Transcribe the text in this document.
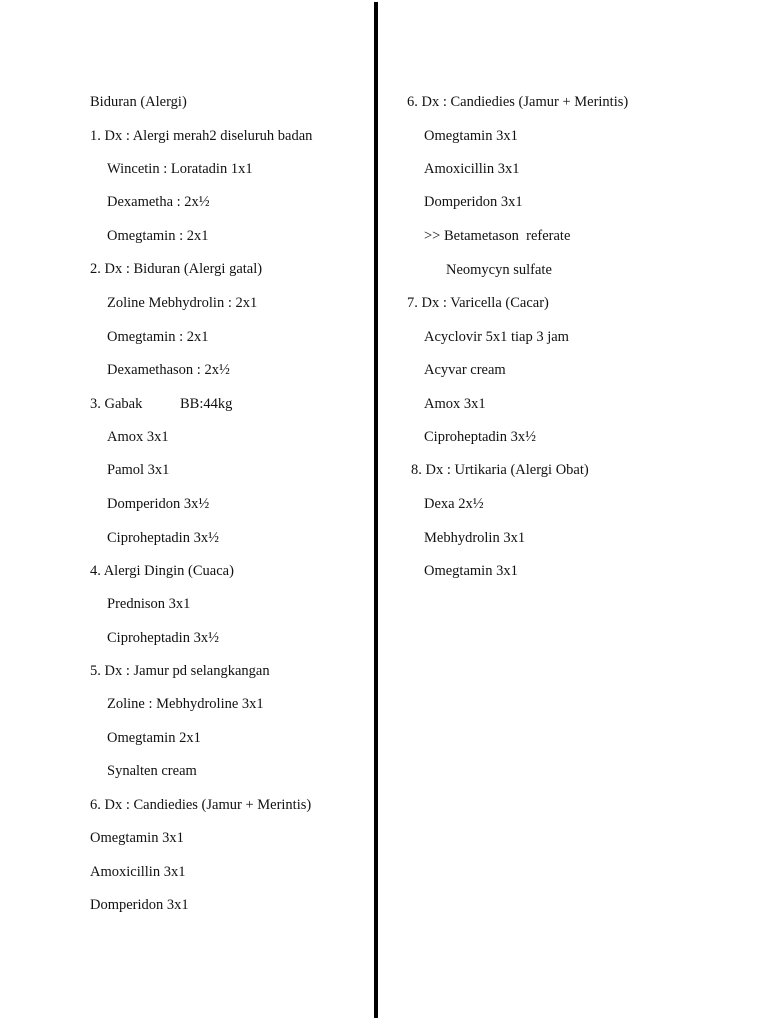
Biduran (Alergi)
1. Dx : Alergi merah2 diseluruh badan
Wincetin : Loratadin 1x1
Dexametha : 2x½
Omegtamin : 2x1
2. Dx : Biduran (Alergi gatal)
Zoline Mebhydrolin : 2x1
Omegtamin : 2x1
Dexamethason : 2x½
3. Gabak	BB:44kg
Amox 3x1
Pamol 3x1
Domperidon 3x½
Ciproheptadin 3x½
4. Alergi Dingin (Cuaca)
Prednison 3x1
Ciproheptadin 3x½
5. Dx : Jamur pd selangkangan
Zoline : Mebhydroline 3x1
Omegtamin 2x1
Synalten cream
6. Dx : Candiedies (Jamur + Merintis)
Omegtamin 3x1
Amoxicillin 3x1
Domperidon 3x1
6. Dx : Candiedies (Jamur + Merintis)
Omegtamin 3x1
Amoxicillin 3x1
Domperidon 3x1
>> Betametason  referate
Neomycyn sulfate
7. Dx : Varicella (Cacar)
Acyclovir 5x1 tiap 3 jam
Acyvar cream
Amox 3x1
Ciproheptadin 3x½
8. Dx : Urtikaria (Alergi Obat)
Dexa 2x½
Mebhydrolin 3x1
Omegtamin 3x1
